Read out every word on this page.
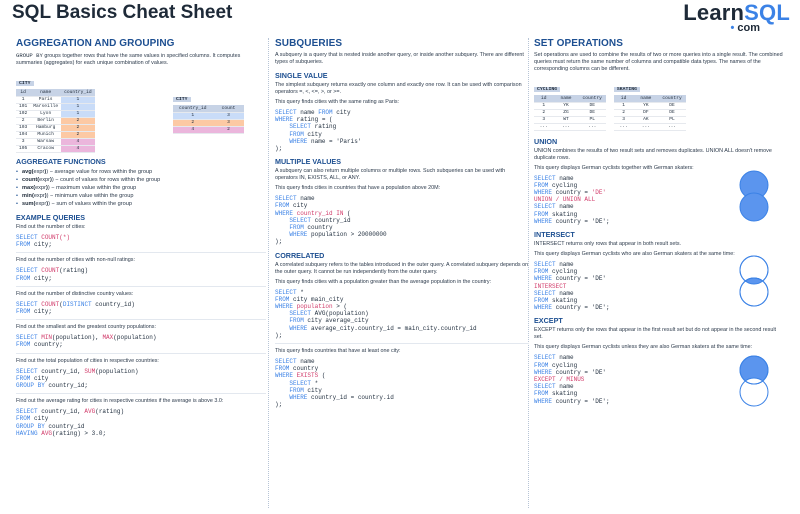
SQL Basics Cheat Sheet	LearnSQL
• com
AGGREGATION AND GROUPING

GROUP BY groups together rows that have the same values in specified columns. It computes summaries (aggregates) for each unique combination of values.

CITY
id	name	country_id
1	Paris	1
101	Marseille	1
102	Lyon	1
2	Berlin	2
103	Hamburg	2
104	Munich	2
3	Warsaw	4
105	Cracow	4
CITY
country_id	count
1	3
2	3
4	2
AGGREGATE FUNCTIONS
• avg(expr)) − average value for rows within the group
• count(expr)) − count of values for rows within the group
• max(expr)) − maximum value within the group
• min(expr)) − minimum value within the group
• sum(expr)) − sum of values within the group
EXAMPLE QUERIES

Find out the number of cities:

SELECT COUNT(*)
FROM city;

Find out the number of cities with non-null ratings:

SELECT COUNT(rating)
FROM city;

Find out the number of distinctive country values:

SELECT COUNT(DISTINCT country_id)
FROM city;

Find out the smallest and the greatest country populations:

SELECT MIN(population), MAX(population)
FROM country;

Find out the total population of cities in respective countries:

SELECT country_id, SUM(population)
FROM city
GROUP BY country_id;

Find out the average rating for cities in respective countries if the average is above 3.0:

SELECT country_id, AVG(rating)
FROM city
GROUP BY country_id
HAVING AVG(rating) > 3.0;
SUBQUERIES

A subquery is a query that is nested inside another query, or inside another subquery. There are different types of subqueries.

SINGLE VALUE

The simplest subquery returns exactly one column and exactly one row. It can be used with comparison operators =, <, <=, >, or >=.

This query finds cities with the same rating as Paris:

SELECT name FROM city
WHERE rating = (
SELECT rating
FROM city
WHERE name = 'Paris'
);
MULTIPLE VALUES

A subquery can also return multiple columns or multiple rows. Such subqueries can be used with operators IN, EXISTS, ALL, or ANY.

This query finds cities in countries that have a population above 20M:

SELECT name
FROM city
WHERE country_id IN (
SELECT country_id
FROM country
WHERE population > 20000000
);
CORRELATED

A correlated subquery refers to the tables introduced in the outer query. A correlated subquery depends on the outer query. It cannot be run independently from the outer query.

This query finds cities with a population greater than the average population in the country:

SELECT *
FROM city main_city
WHERE population > (
SELECT AVG(population)
FROM city average_city
WHERE average_city.country_id = main_city.country_id
);

This query finds countries that have at least one city:

SELECT name
FROM country
WHERE EXISTS (
SELECT *
FROM city
WHERE country_id = country.id
);
SET OPERATIONS

Set operations are used to combine the results of two or more queries into a single result. The combined queries must return the same number of columns and compatible data types. The names of the corresponding columns can be different.

CYCLING
id	name	country
1	YK	DE
2	ZG	DE
3	WT	PL
...	...	...
SKATING
id	name	country
1	YK	DE
2	DF	DE
3	AK	PL
...	...	...
UNION

UNION combines the results of two result sets and removes duplicates. UNION ALL doesn't remove duplicate rows.

This query displays German cyclists together with German skaters:

SELECT name
FROM cycling
WHERE country = 'DE'
UNION / UNION ALL
SELECT name
FROM skating
WHERE country = 'DE';
INTERSECT

INTERSECT returns only rows that appear in both result sets.

This query displays German cyclists who are also German skaters at the same time:

SELECT name
FROM cycling
WHERE country = 'DE'
INTERSECT
SELECT name
FROM skating
WHERE country = 'DE';
EXCEPT

EXCEPT returns only the rows that appear in the first result set but do not appear in the second result set.

This query displays German cyclists unless they are also German skaters at the same time:

SELECT name
FROM cycling
WHERE country = 'DE'
EXCEPT / MINUS
SELECT name
FROM skating
WHERE country = 'DE';
